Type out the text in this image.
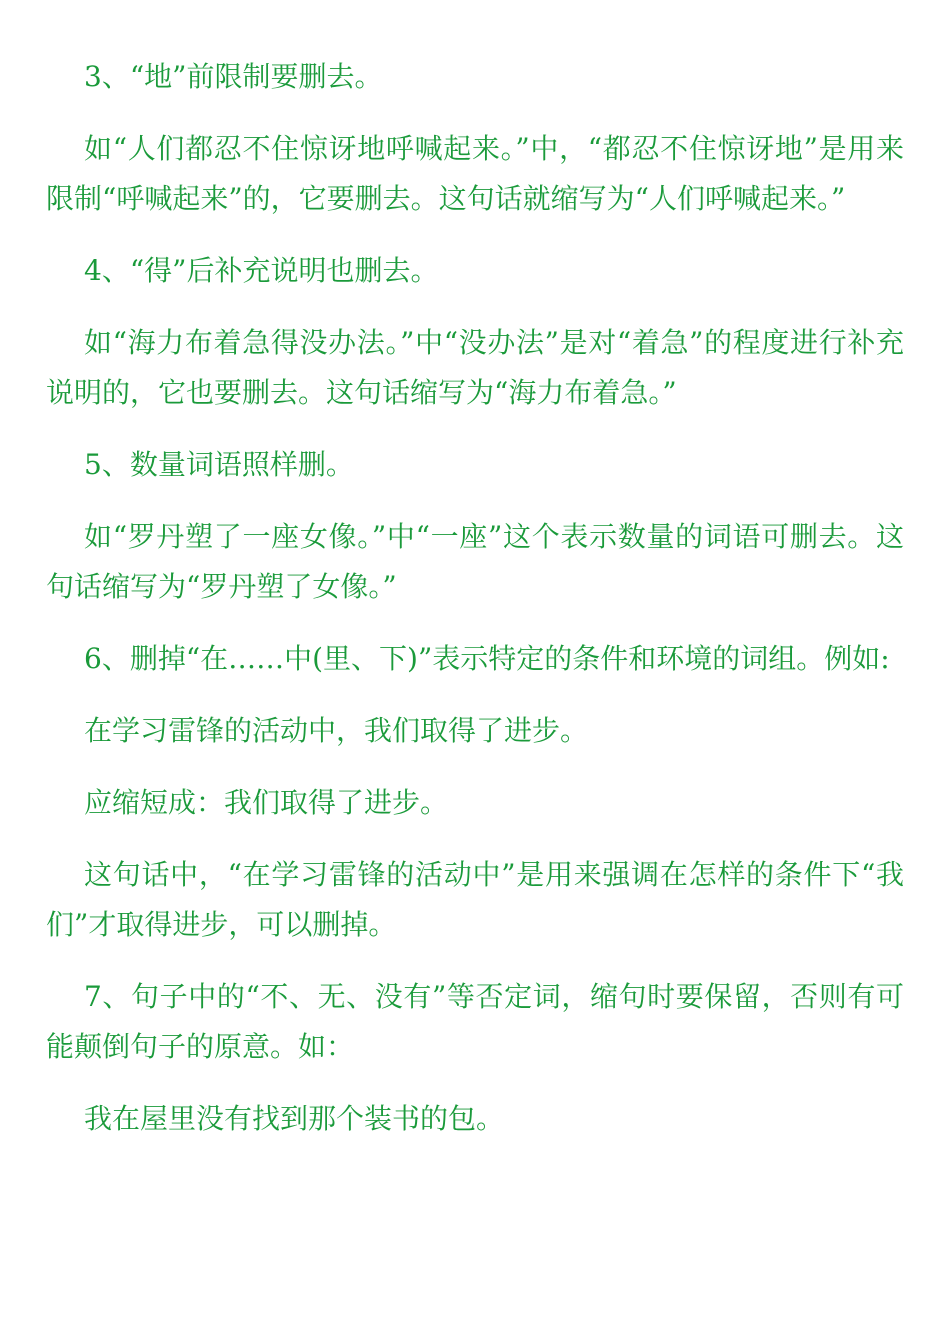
3、“地”前限制要删去。

如“人们都忍不住惊讶地呼喊起来。”中，“都忍不住惊讶地”是用来限制“呼喊起来”的，它要删去。这句话就缩写为“人们呼喊起来。”

4、“得”后补充说明也删去。

如“海力布着急得没办法。”中“没办法”是对“着急”的程度进行补充说明的，它也要删去。这句话缩写为“海力布着急。”

5、数量词语照样删。

如“罗丹塑了一座女像。”中“一座”这个表示数量的词语可删去。这句话缩写为“罗丹塑了女像。”

6、删掉“在……中(里、下)”表示特定的条件和环境的词组。例如:

在学习雷锋的活动中，我们取得了进步。

应缩短成：我们取得了进步。

这句话中，“在学习雷锋的活动中”是用来强调在怎样的条件下“我们”才取得进步，可以删掉。

7、句子中的“不、无、没有”等否定词，缩句时要保留，否则有可能颠倒句子的原意。如：

我在屋里没有找到那个装书的包。
